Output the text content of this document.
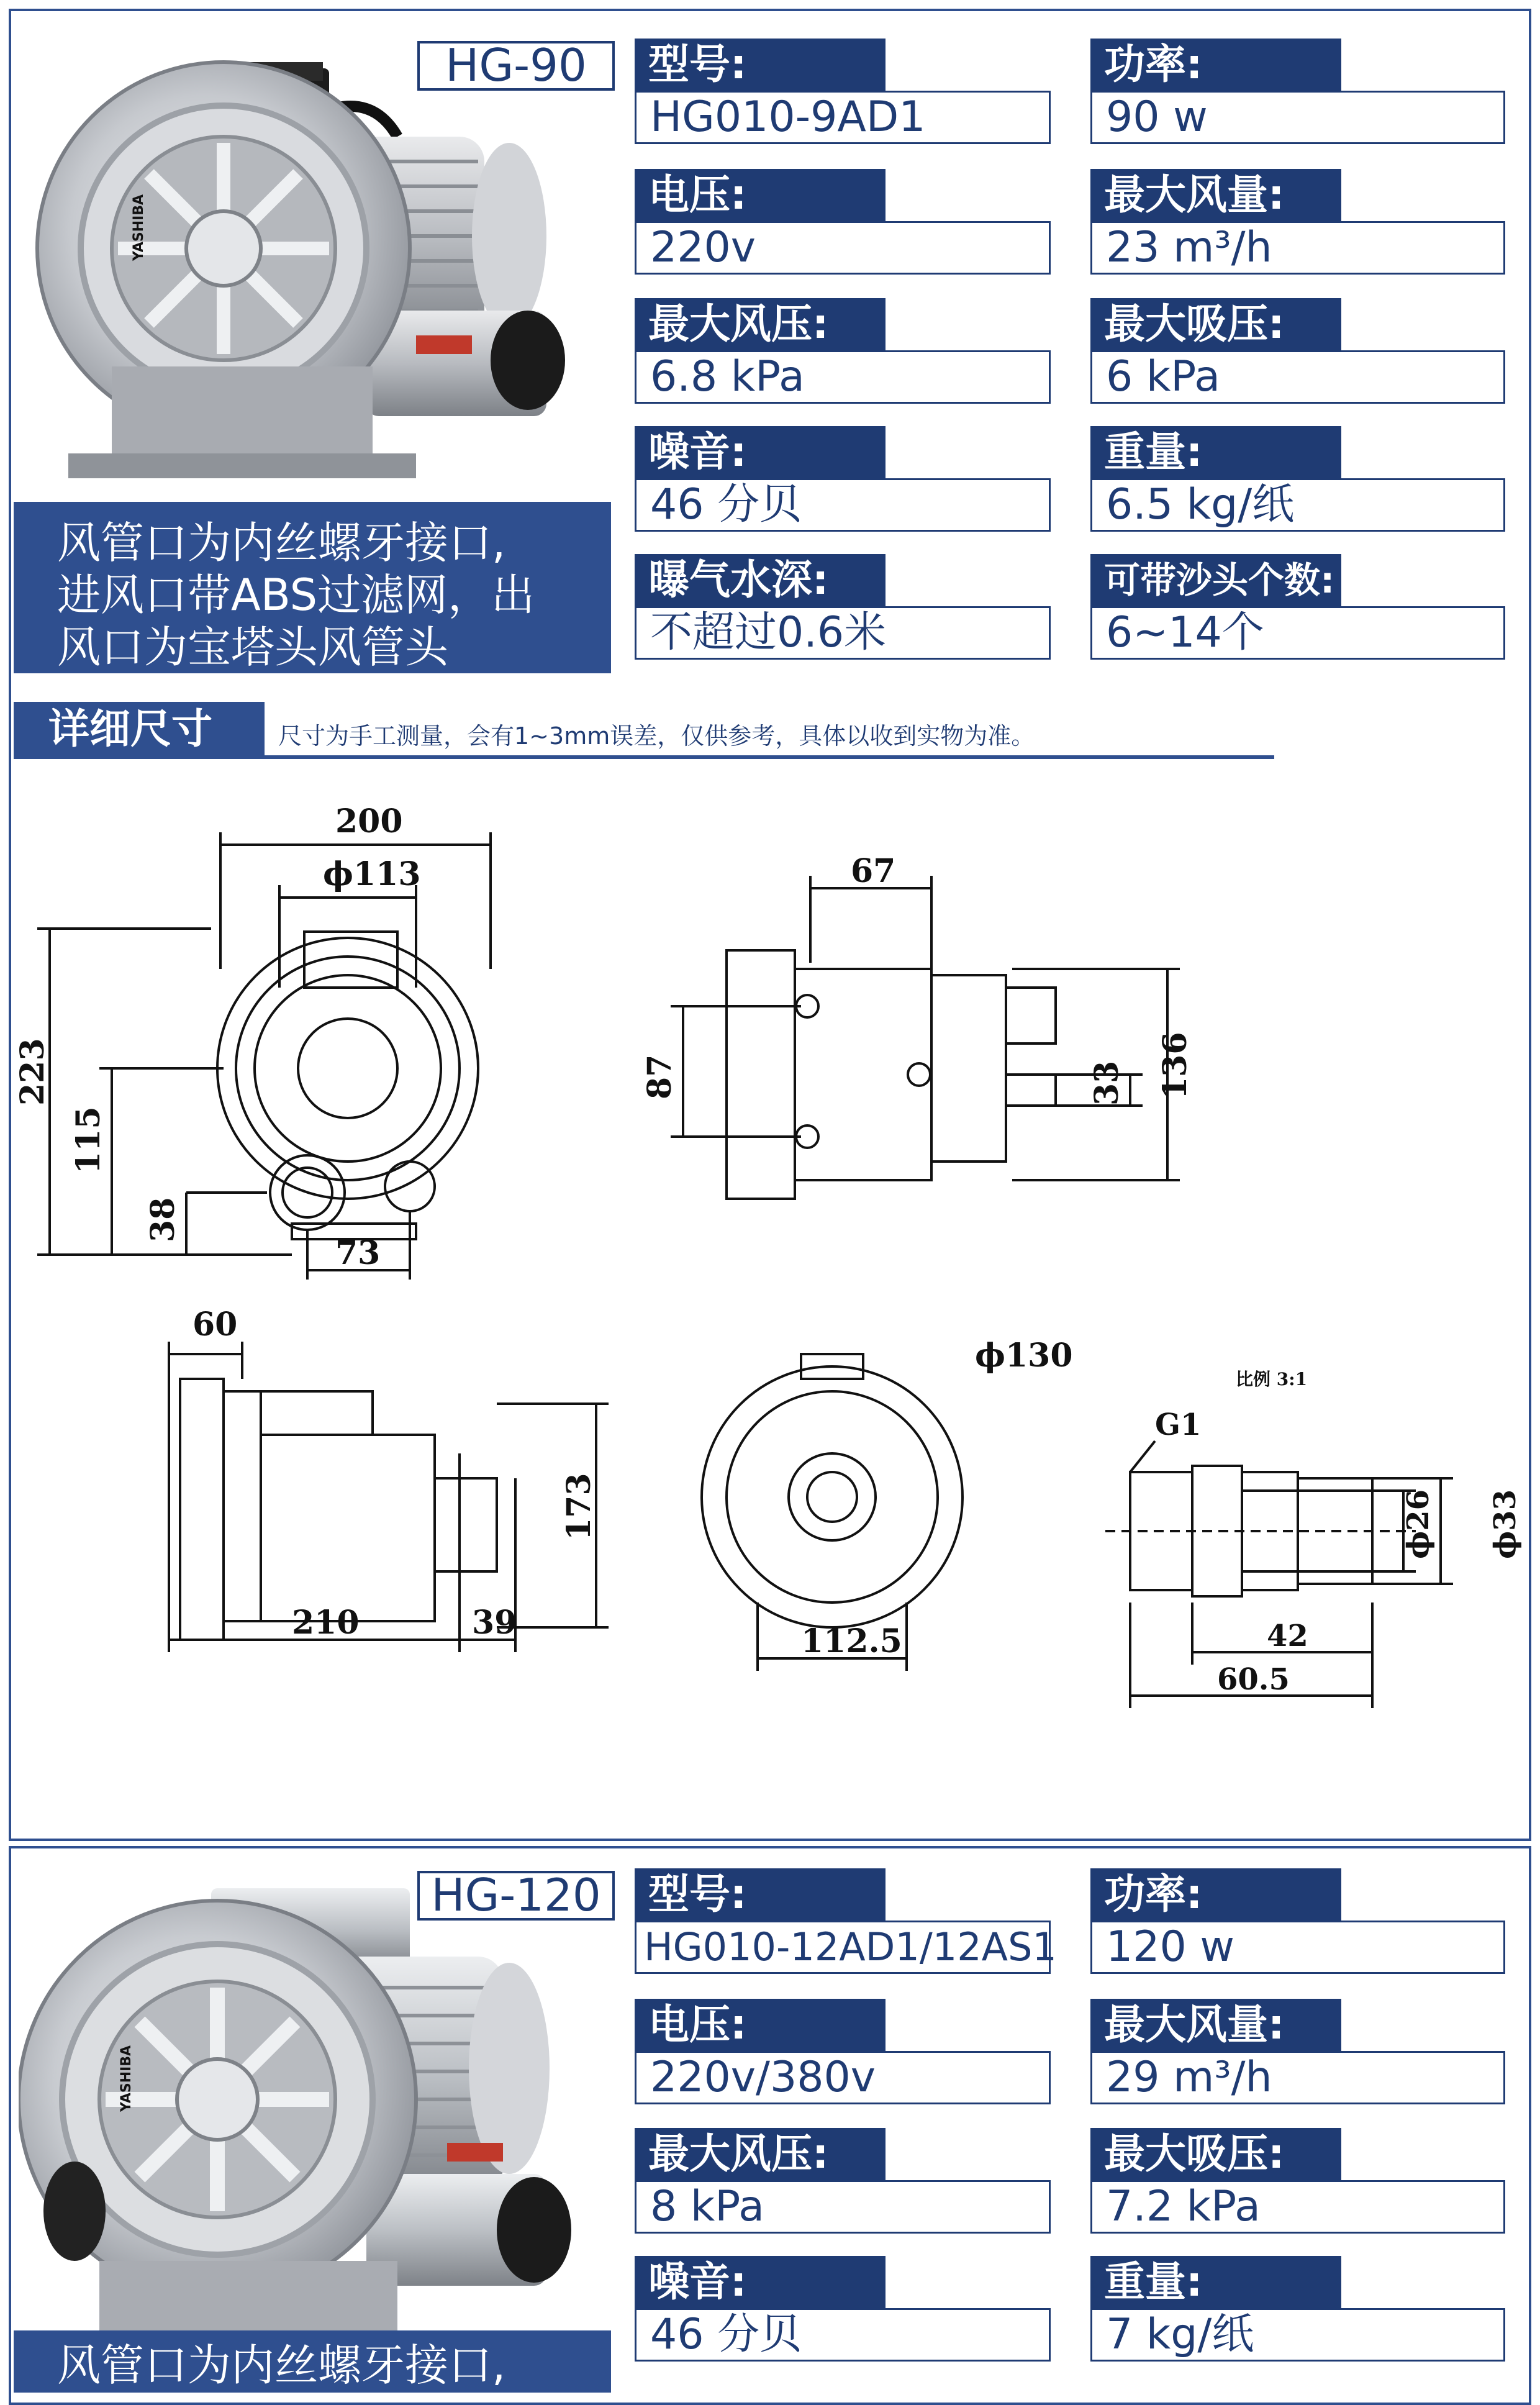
YASHIBA
HG-90
风管口为内丝螺牙接口,
进风口带ABS过滤网，出
风口为宝塔头风管头
型号:
HG010-9AD1
功率:
90 w
电压:
220v
最大风量:
23 m³/h
最大风压:
6.8 kPa
最大吸压:
6 kPa
噪音:
46 分贝
重量:
6.5 kg/纸
曝气水深:
不超过0.6米
可带沙头个数:
6~14个
详细尺寸	尺寸为手工测量，会有1~3mm误差，仅供参考，具体以收到实物为准。
200
ϕ113
223
115
38
73
67
87	136
33
60
173
210	39
ϕ130
112.5
比例 3:1
G1
ϕ26 ϕ33
42
60.5
YASHIBA
HG-120
风管口为内丝螺牙接口,
型号:
HG010-12AD1/12AS1
功率:
120 w
电压:
220v/380v
最大风量:
29 m³/h
最大风压:
8 kPa
最大吸压:
7.2 kPa
噪音:
46 分贝
重量:
7 kg/纸
